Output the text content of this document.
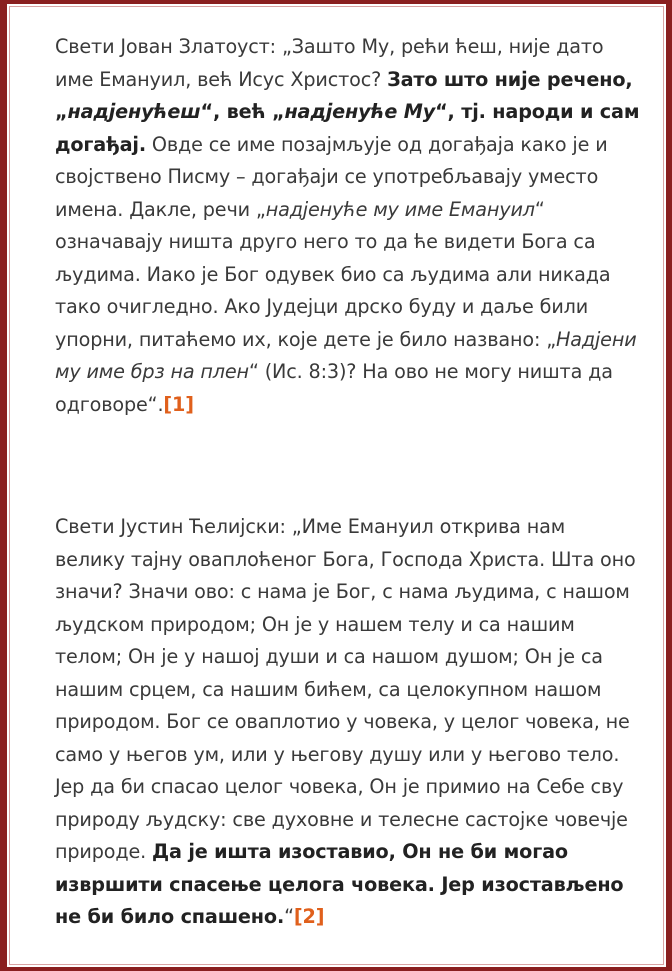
Свети Јован Златоуст: „Зашто Му, рећи ћеш, није дато име Емануил, већ Исус Христос? Зато што није речено, „надјенућеш“, већ „надјенуће Му“, тј. народи и сам догађај. Овде се име позајмљује од догађаја како је и својствено Писму – догађаји се употребљавају уместо имена. Дакле, речи „надјенуће му име Емануил“ означавају ништа друго него то да ће видети Бога са људима. Иако је Бог одувек био са људима али никада тако очигледно. Ако Јудејци дрско буду и даље били упорни, питаћемо их, које дете је било названо: „Надјени му име брз на плен“ (Ис. 8:3)? На ово не могу ништа да одговоре“.[1]

Свети Јустин Ћелијски: „Име Емануил открива нам велику тајну оваплоћеног Бога, Господа Христа. Шта оно значи? Значи ово: с нама је Бог, с нама људима, с нашом људском природом; Он је у нашем телу и са нашим телом; Он је у нашој души и са нашом душом; Он је са нашим срцем, са нашим бићем, са целокупном нашом природом. Бог се оваплотио у човека, у целог човека, не само у његов ум, или у његову душу или у његово тело. Јер да би спасао целог човека, Он је примио на Себе сву природу људску: све духовне и телесне састојке човечје природе. Да је ишта изоставио, Он не би могао извршити спасење целога човека. Јер изостављено не би било спашено.“[2]
